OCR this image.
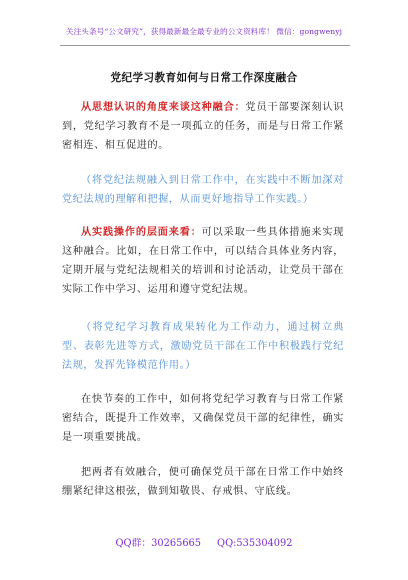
关注头条号“公文研究”，获得最新最全最专业的公文资料库！ 微信：gongwenyj
党纪学习教育如何与日常工作深度融合
从思想认识的角度来谈这种融合：党员干部要深刻认识到，党纪学习教育不是一项孤立的任务，而是与日常工作紧密相连、相互促进的。
（将党纪法规融入到日常工作中，在实践中不断加深对党纪法规的理解和把握，从而更好地指导工作实践。）
从实践操作的层面来看：可以采取一些具体措施来实现这种融合。比如，在日常工作中，可以结合具体业务内容，定期开展与党纪法规相关的培训和讨论活动，让党员干部在实际工作中学习、运用和遵守党纪法规。
（将党纪学习教育成果转化为工作动力，通过树立典型、表彰先进等方式，激励党员干部在工作中积极践行党纪法规，发挥先锋模范作用。）
在快节奏的工作中，如何将党纪学习教育与日常工作紧密结合，既提升工作效率，又确保党员干部的纪律性，确实是一项重要挑战。
把两者有效融合，便可确保党员干部在日常工作中始终绷紧纪律这根弦，做到知敬畏、存戒惧、守底线。
QQ群：30265665 QQ:535304092
